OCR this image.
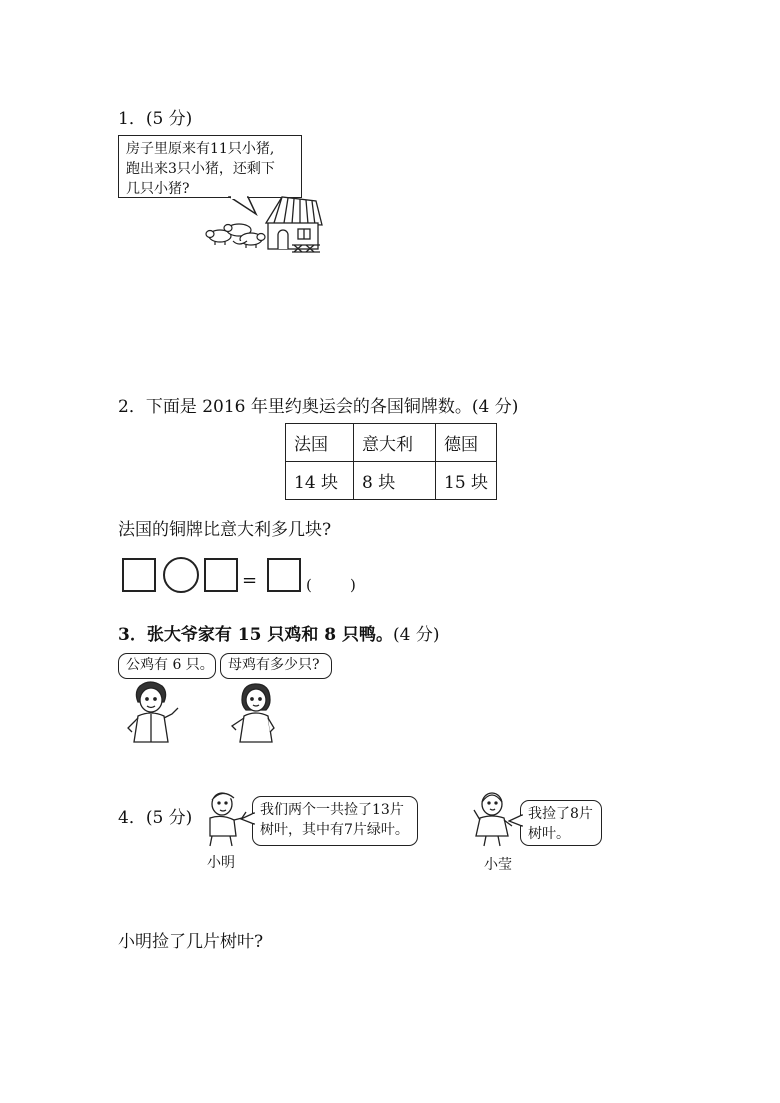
1．(5 分)
房子里原来有11只小猪,
跑出来3只小猪，还剩下
几只小猪?
2．下面是 2016 年里约奥运会的各国铜牌数。(4 分)
法国	意大利	德国
14 块	8 块	15 块
法国的铜牌比意大利多几块?
=	(        )
3．张大爷家有 15 只鸡和 8 只鸭。(4 分)
公鸡有 6 只。 母鸡有多少只?
4．(5 分)	我们两个一共捡了13片
树叶，其中有7片绿叶。
小明
我捡了8片
树叶。
小莹
小明捡了几片树叶?
